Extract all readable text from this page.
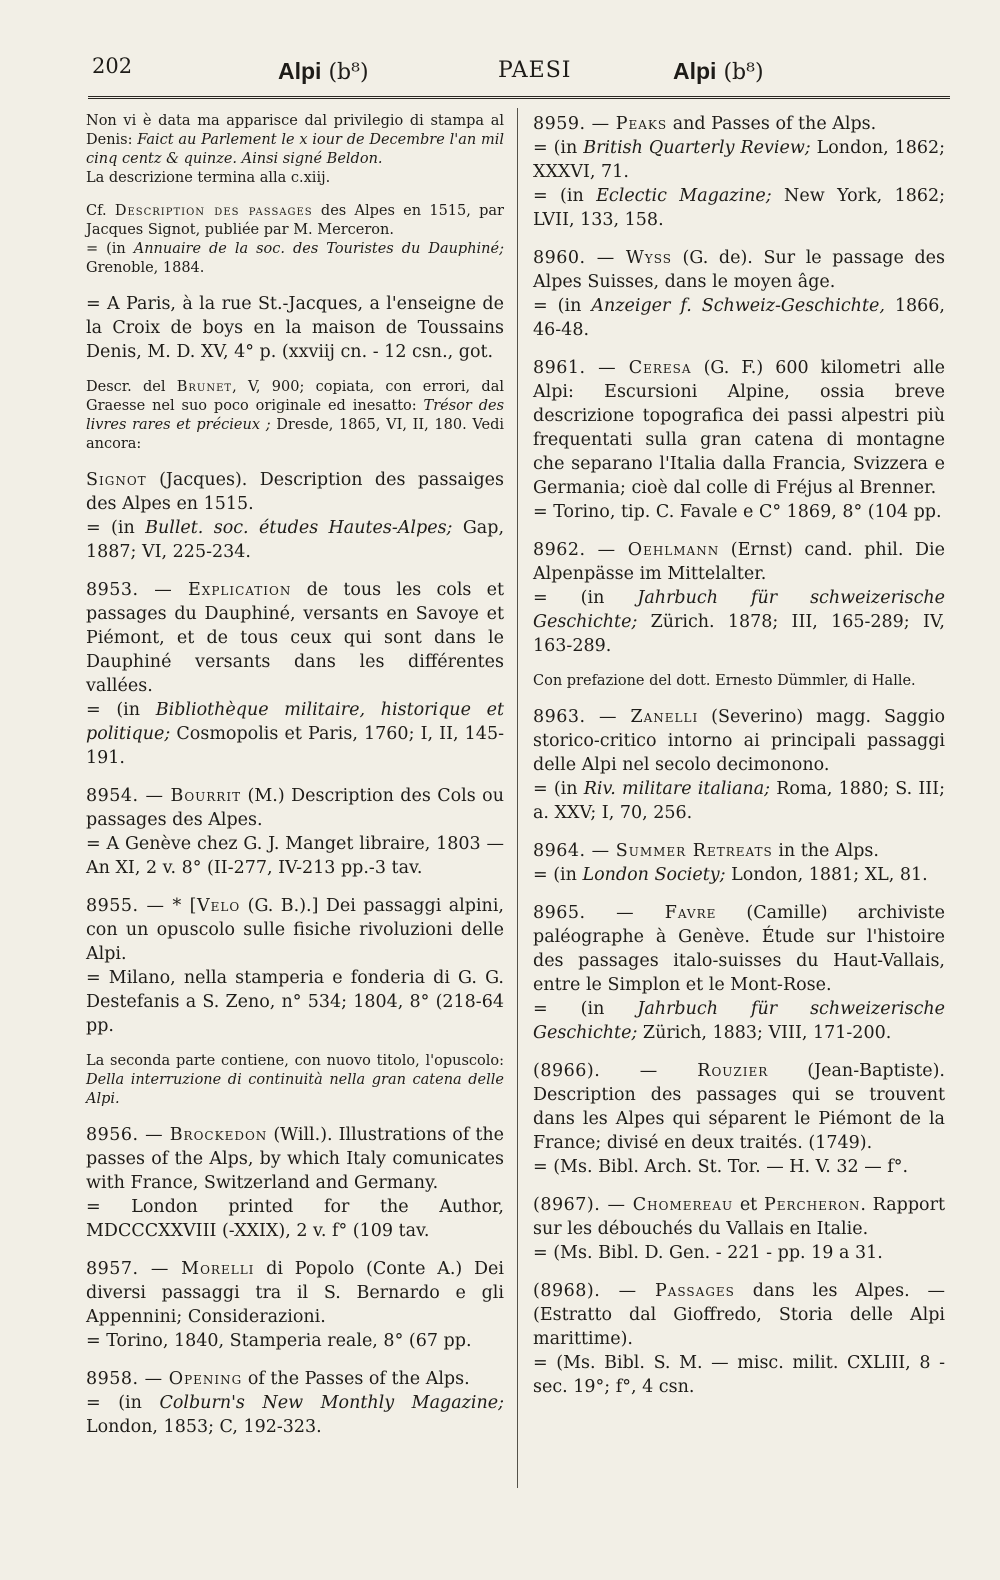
202	Alpi (b⁸)	PAESI	Alpi (b⁸)

Non vi è data ma apparisce dal privilegio di stampa al Denis: Faict au Parlement le x iour de Decembre l'an mil cinq centz & quinze. Ainsi signé Beldon.
La descrizione termina alla c.xiij.

Cf. Description des passages des Alpes en 1515, par Jacques Signot, publiée par M. Merceron.
= (in Annuaire de la soc. des Touristes du Dauphiné; Grenoble, 1884.

= A Paris, à la rue St.-Jacques, a l'enseigne de la Croix de boys en la maison de Toussains Denis, M. D. XV, 4° p. (xxviij cn. - 12 csn., got.

Descr. del Brunet, V, 900; copiata, con errori, dal Graesse nel suo poco originale ed inesatto: Trésor des livres rares et précieux ; Dresde, 1865, VI, II, 180. Vedi ancora:

Signot (Jacques). Description des passaiges des Alpes en 1515.
= (in Bullet. soc. études Hautes-Alpes; Gap, 1887; VI, 225-234.

8953. — Explication de tous les cols et passages du Dauphiné, versants en Savoye et Piémont, et de tous ceux qui sont dans le Dauphiné versants dans les différentes vallées.
= (in Bibliothèque militaire, historique et politique; Cosmopolis et Paris, 1760; I, II, 145-191.

8954. — Bourrit (M.) Description des Cols ou passages des Alpes.
= A Genève chez G. J. Manget libraire, 1803 — An XI, 2 v. 8° (II-277, IV-213 pp.-3 tav.

8955. — * [Velo (G. B.).] Dei passaggi alpini, con un opuscolo sulle fisiche rivoluzioni delle Alpi.
= Milano, nella stamperia e fonderia di G. G. Destefanis a S. Zeno, n° 534; 1804, 8° (218-64 pp.

La seconda parte contiene, con nuovo titolo, l'opuscolo: Della interruzione di continuità nella gran catena delle Alpi.

8956. — Brockedon (Will.). Illustrations of the passes of the Alps, by which Italy comunicates with France, Switzerland and Germany.
= London printed for the Author, MDCCCXXVIII (-XXIX), 2 v. f° (109 tav.

8957. — Morelli di Popolo (Conte A.) Dei diversi passaggi tra il S. Bernardo e gli Appennini; Considerazioni.
= Torino, 1840, Stamperia reale, 8° (67 pp.

8958. — Opening of the Passes of the Alps.
= (in Colburn's New Monthly Magazine; London, 1853; C, 192-323.

8959. — Peaks and Passes of the Alps.
= (in British Quarterly Review; London, 1862; XXXVI, 71.
= (in Eclectic Magazine; New York, 1862; LVII, 133, 158.

8960. — Wyss (G. de). Sur le passage des Alpes Suisses, dans le moyen âge.
= (in Anzeiger f. Schweiz-Geschichte, 1866, 46-48.

8961. — Ceresa (G. F.) 600 kilometri alle Alpi: Escursioni Alpine, ossia breve descrizione topografica dei passi alpestri più frequentati sulla gran catena di montagne che separano l'Italia dalla Francia, Svizzera e Germania; cioè dal colle di Fréjus al Brenner.
= Torino, tip. C. Favale e C° 1869, 8° (104 pp.

8962. — Oehlmann (Ernst) cand. phil. Die Alpenpässe im Mittelalter.
= (in Jahrbuch für schweizerische Geschichte; Zürich. 1878; III, 165-289; IV, 163-289.

Con prefazione del dott. Ernesto Dümmler, di Halle.

8963. — Zanelli (Severino) magg. Saggio storico-critico intorno ai principali passaggi delle Alpi nel secolo decimonono.
= (in Riv. militare italiana; Roma, 1880; S. III; a. XXV; I, 70, 256.

8964. — Summer Retreats in the Alps.
= (in London Society; London, 1881; XL, 81.

8965. — Favre (Camille) archiviste paléographe à Genève. Étude sur l'histoire des passages italo-suisses du Haut-Vallais, entre le Simplon et le Mont-Rose.
= (in Jahrbuch für schweizerische Geschichte; Zürich, 1883; VIII, 171-200.

(8966). — Rouzier (Jean-Baptiste). Description des passages qui se trouvent dans les Alpes qui séparent le Piémont de la France; divisé en deux traités. (1749).
= (Ms. Bibl. Arch. St. Tor. — H. V. 32 — f°.

(8967). — Chomereau et Percheron. Rapport sur les débouchés du Vallais en Italie.
= (Ms. Bibl. D. Gen. - 221 - pp. 19 a 31.

(8968). — Passages dans les Alpes. — (Estratto dal Gioffredo, Storia delle Alpi marittime).
= (Ms. Bibl. S. M. — misc. milit. CXLIII, 8 - sec. 19°; f°, 4 csn.
